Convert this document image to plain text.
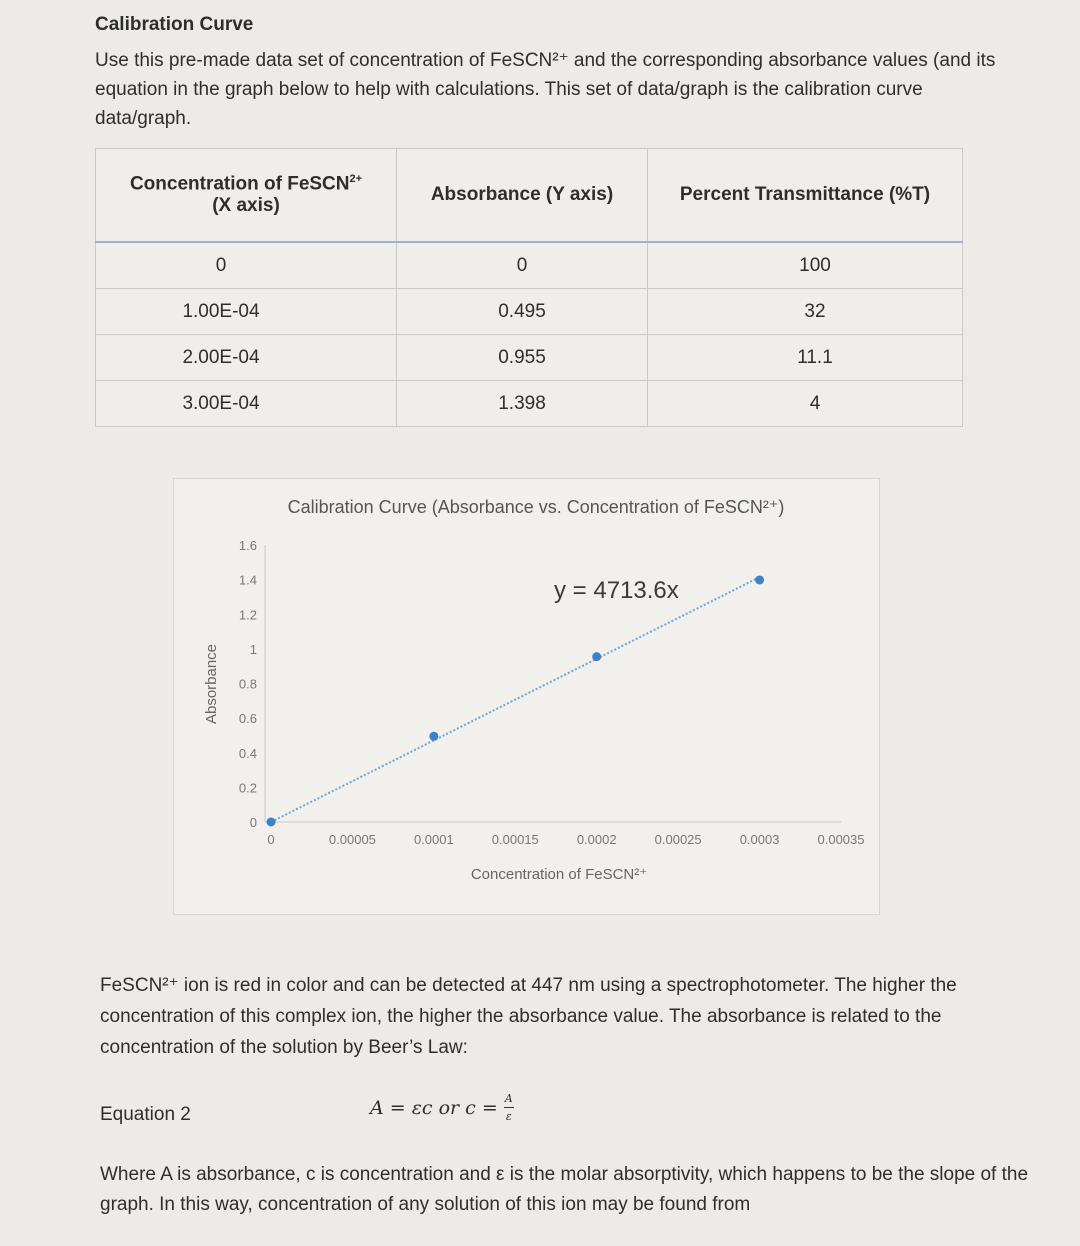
Calibration Curve
Use this pre-made data set of concentration of FeSCN²⁺ and the corresponding absorbance values (and its equation in the graph below to help with calculations. This set of data/graph is the calibration curve data/graph.
Concentration of FeSCN$^{2+}$
(X axis)	Absorbance (Y axis)	Percent Transmittance (%T)
0	0	100
1.00E-04	0.495	32
2.00E-04	0.955	11.1
3.00E-04	1.398	4
Calibration Curve (Absorbance vs. Concentration of FeSCN²⁺)
Concentration of FeSCN²⁺
Absorbance
0
0.2
0.4
0.6
0.8
1
1.2
1.4
1.6
0	0.00005	0.0001	0.00015	0.0002	0.00025	0.0003	0.00035
y = 4713.6x
FeSCN²⁺ ion is red in color and can be detected at 447 nm using a spectrophotometer. The higher the concentration of this complex ion, the higher the absorbance value. The absorbance is related to the concentration of the solution by Beer’s Law:
Equation 2	A = εc or $c = \frac{A}{\varepsilon}$
Where A is absorbance, c is concentration and ε is the molar absorptivity, which happens to be the slope of the graph. In this way, concentration of any solution of this ion may be found from
